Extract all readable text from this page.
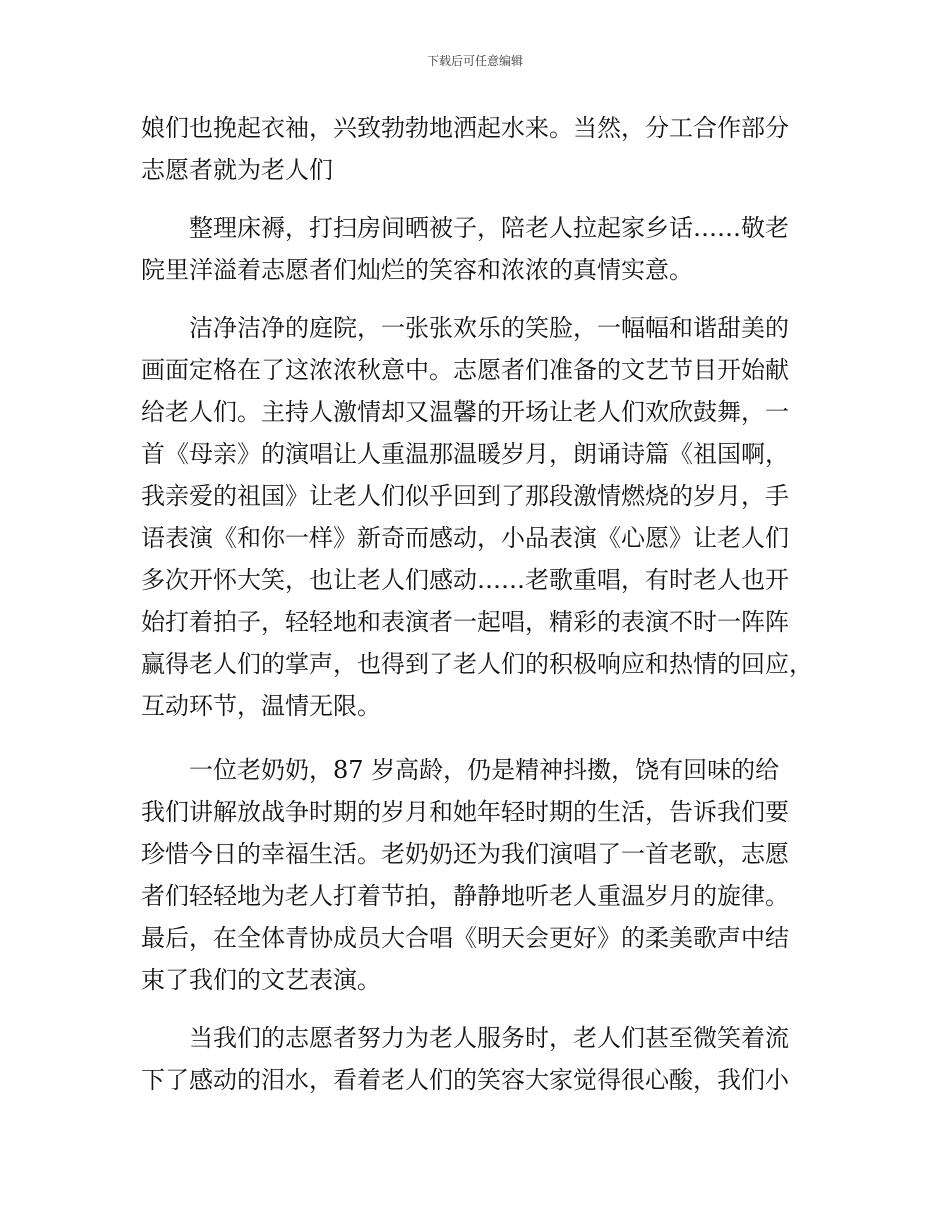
下载后可任意编辑
娘们也挽起衣袖，兴致勃勃地洒起水来。当然，分工合作部分
志愿者就为老人们
整理床褥，打扫房间晒被子，陪老人拉起家乡话……敬老
院里洋溢着志愿者们灿烂的笑容和浓浓的真情实意。
洁净洁净的庭院，一张张欢乐的笑脸，一幅幅和谐甜美的
画面定格在了这浓浓秋意中。志愿者们准备的文艺节目开始献
给老人们。主持人激情却又温馨的开场让老人们欢欣鼓舞，一
首《母亲》的演唱让人重温那温暖岁月，朗诵诗篇《祖国啊，
我亲爱的祖国》让老人们似乎回到了那段激情燃烧的岁月，手
语表演《和你一样》新奇而感动，小品表演《心愿》让老人们
多次开怀大笑，也让老人们感动……老歌重唱，有时老人也开
始打着拍子，轻轻地和表演者一起唱，精彩的表演不时一阵阵
赢得老人们的掌声，也得到了老人们的积极响应和热情的回应，
互动环节，温情无限。
一位老奶奶，87 岁高龄，仍是精神抖擞，饶有回味的给
我们讲解放战争时期的岁月和她年轻时期的生活，告诉我们要
珍惜今日的幸福生活。老奶奶还为我们演唱了一首老歌，志愿
者们轻轻地为老人打着节拍，静静地听老人重温岁月的旋律。
最后，在全体青协成员大合唱《明天会更好》的柔美歌声中结
束了我们的文艺表演。
当我们的志愿者努力为老人服务时，老人们甚至微笑着流
下了感动的泪水，看着老人们的笑容大家觉得很心酸，我们小
